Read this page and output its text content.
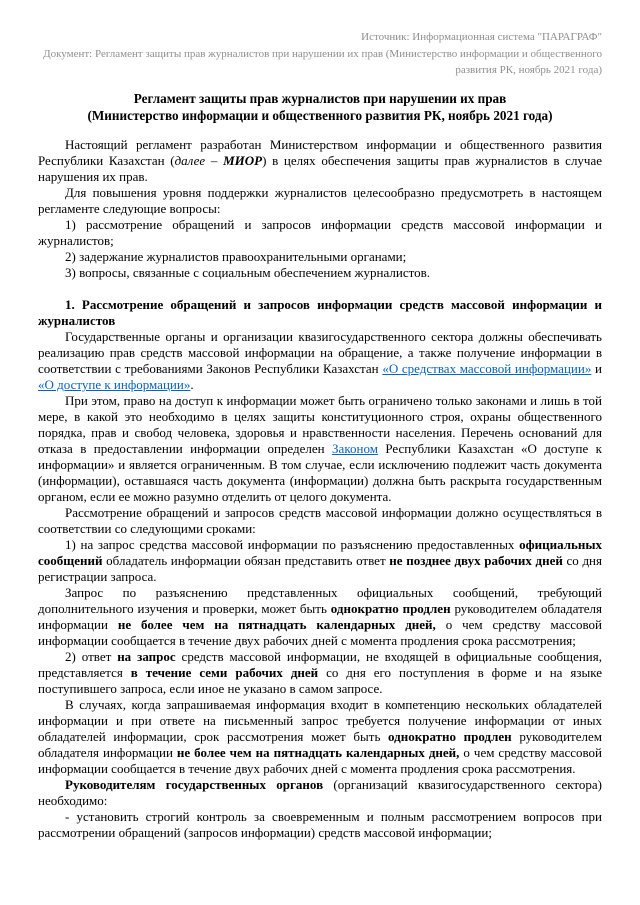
Источник: Информационная система "ПАРАГРАФ"
Документ: Регламент защиты прав журналистов при нарушении их прав (Министерство информации и общественного развития РК, ноябрь 2021 года)
Регламент защиты прав журналистов при нарушении их прав
(Министерство информации и общественного развития РК, ноябрь 2021 года)

Настоящий регламент разработан Министерством информации и общественного развития Республики Казахстан (далее – МИОР) в целях обеспечения защиты прав журналистов в случае нарушения их прав.

Для повышения уровня поддержки журналистов целесообразно предусмотреть в настоящем регламенте следующие вопросы:

1) рассмотрение обращений и запросов информации средств массовой информации и журналистов;

2) задержание журналистов правоохранительными органами;

3) вопросы, связанные с социальным обеспечением журналистов.

1. Рассмотрение обращений и запросов информации средств массовой информации и журналистов

Государственные органы и организации квазигосударственного сектора должны обеспечивать реализацию прав средств массовой информации на обращение, а также получение информации в соответствии с требованиями Законов Республики Казахстан «О средствах массовой информации» и «О доступе к информации».

При этом, право на доступ к информации может быть ограничено только законами и лишь в той мере, в какой это необходимо в целях защиты конституционного строя, охраны общественного порядка, прав и свобод человека, здоровья и нравственности населения. Перечень оснований для отказа в предоставлении информации определен Законом Республики Казахстан «О доступе к информации» и является ограниченным. В том случае, если исключению подлежит часть документа (информации), оставшаяся часть документа (информации) должна быть раскрыта государственным органом, если ее можно разумно отделить от целого документа.

Рассмотрение обращений и запросов средств массовой информации должно осуществляться в соответствии со следующими сроками:

1) на запрос средства массовой информации по разъяснению предоставленных официальных сообщений обладатель информации обязан представить ответ не позднее двух рабочих дней со дня регистрации запроса.

Запрос по разъяснению представленных официальных сообщений, требующий дополнительного изучения и проверки, может быть однократно продлен руководителем обладателя информации не более чем на пятнадцать календарных дней, о чем средству массовой информации сообщается в течение двух рабочих дней с момента продления срока рассмотрения;

2) ответ на запрос средств массовой информации, не входящей в официальные сообщения, представляется в течение семи рабочих дней со дня его поступления в форме и на языке поступившего запроса, если иное не указано в самом запросе.

В случаях, когда запрашиваемая информация входит в компетенцию нескольких обладателей информации и при ответе на письменный запрос требуется получение информации от иных обладателей информации, срок рассмотрения может быть однократно продлен руководителем обладателя информации не более чем на пятнадцать календарных дней, о чем средству массовой информации сообщается в течение двух рабочих дней с момента продления срока рассмотрения.

Руководителям государственных органов (организаций квазигосударственного сектора) необходимо:

- установить строгий контроль за своевременным и полным рассмотрением вопросов при рассмотрении обращений (запросов информации) средств массовой информации;
